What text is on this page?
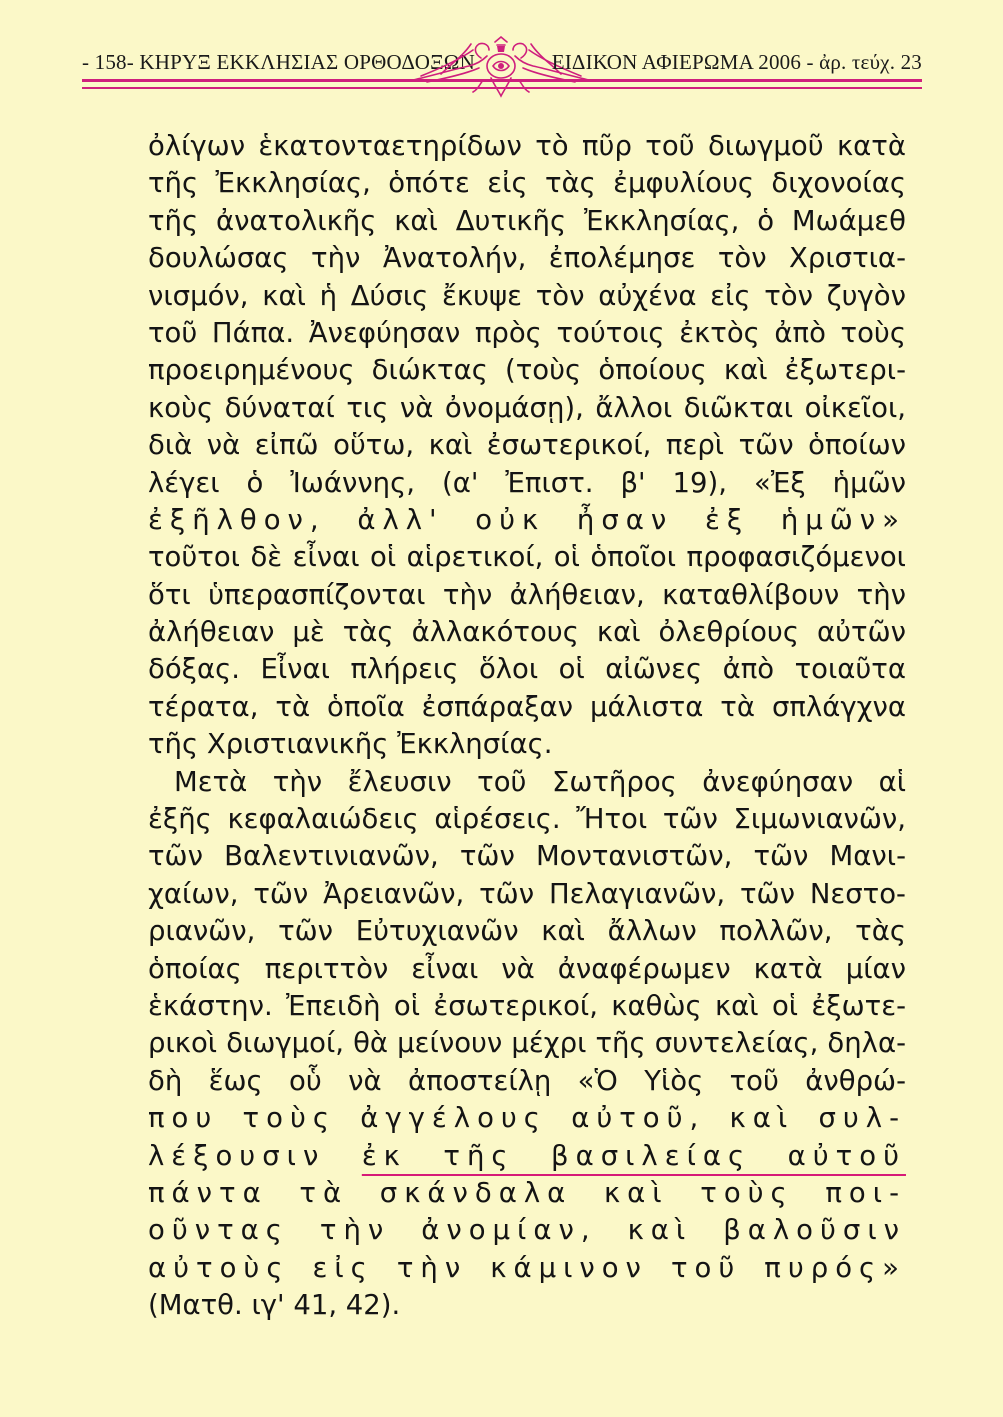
- 158- ΚΗΡΥΞ ΕΚΚΛΗΣΙΑΣ ΟΡΘΟΔΟΞΩΝ	ΕΙΔΙΚΟΝ ΑΦΙΕΡΩΜΑ 2006 - ἀρ. τεύχ. 23
ὀλίγων ἑκατονταετηρίδων τὸ πῦρ τοῦ διωγμοῦ κατὰ
τῆς Ἐκκλησίας, ὁπότε εἰς τὰς ἐμφυλίους διχονοίας
τῆς ἀνατολικῆς καὶ Δυτικῆς Ἐκκλησίας, ὁ Μωάμεθ
δουλώσας τὴν Ἀνατολήν, ἐπολέμησε τὸν Χριστια-
νισμόν, καὶ ἡ Δύσις ἔκυψε τὸν αὐχένα εἰς τὸν ζυγὸν
τοῦ Πάπα. Ἀνεφύησαν πρὸς τούτοις ἐκτὸς ἀπὸ τοὺς
προειρημένους διώκτας (τοὺς ὁποίους καὶ ἐξωτερι-
κοὺς δύναταί τις νὰ ὀνομάσῃ), ἄλλοι διῶκται οἰκεῖοι,
διὰ νὰ εἰπῶ οὕτω, καὶ ἐσωτερικοί, περὶ τῶν ὁποίων
λέγει ὁ Ἰωάννης, (α' Ἐπιστ. β' 19), «Ἐξ ἡμῶν
ἐξῆλθον, ἀλλ' οὐκ ἦσαν ἐξ ἡμῶν»
τοῦτοι δὲ εἶναι οἱ αἱρετικοί, οἱ ὁποῖοι προφασιζόμενοι
ὅτι ὑπερασπίζονται τὴν ἀλήθειαν, καταθλίβουν τὴν
ἀλήθειαν μὲ τὰς ἀλλακότους καὶ ὀλεθρίους αὐτῶν
δόξας. Εἶναι πλήρεις ὅλοι οἱ αἰῶνες ἀπὸ τοιαῦτα
τέρατα, τὰ ὁποῖα ἐσπάραξαν μάλιστα τὰ σπλάγχνα
τῆς Χριστιανικῆς Ἐκκλησίας.
Μετὰ τὴν ἔλευσιν τοῦ Σωτῆρος ἀνεφύησαν αἱ
ἐξῆς κεφαλαιώδεις αἱρέσεις. Ἤτοι τῶν Σιμωνιανῶν,
τῶν Βαλεντινιανῶν, τῶν Μοντανιστῶν, τῶν Μανι-
χαίων, τῶν Ἀρειανῶν, τῶν Πελαγιανῶν, τῶν Νεστο-
ριανῶν, τῶν Εὐτυχιανῶν καὶ ἄλλων πολλῶν, τὰς
ὁποίας περιττὸν εἶναι νὰ ἀναφέρωμεν κατὰ μίαν
ἑκάστην. Ἐπειδὴ οἱ ἐσωτερικοί, καθὼς καὶ οἱ ἐξωτε-
ρικοὶ διωγμοί, θὰ μείνουν μέχρι τῆς συντελείας, δηλα-
δὴ ἕως οὗ νὰ ἀποστείλῃ «Ὁ Υἱὸς τοῦ ἀνθρώ-
που τοὺς ἀγγέλους αὐτοῦ, καὶ συλ-
λέξουσιν ἐκ τῆς βασιλείας αὐτοῦ
πάντα τὰ σκάνδαλα καὶ τοὺς ποι-
οῦντας τὴν ἀνομίαν, καὶ βαλοῦσιν
αὐτοὺς εἰς τὴν κάμινον τοῦ πυρός»
(Ματθ. ιγ' 41, 42).
